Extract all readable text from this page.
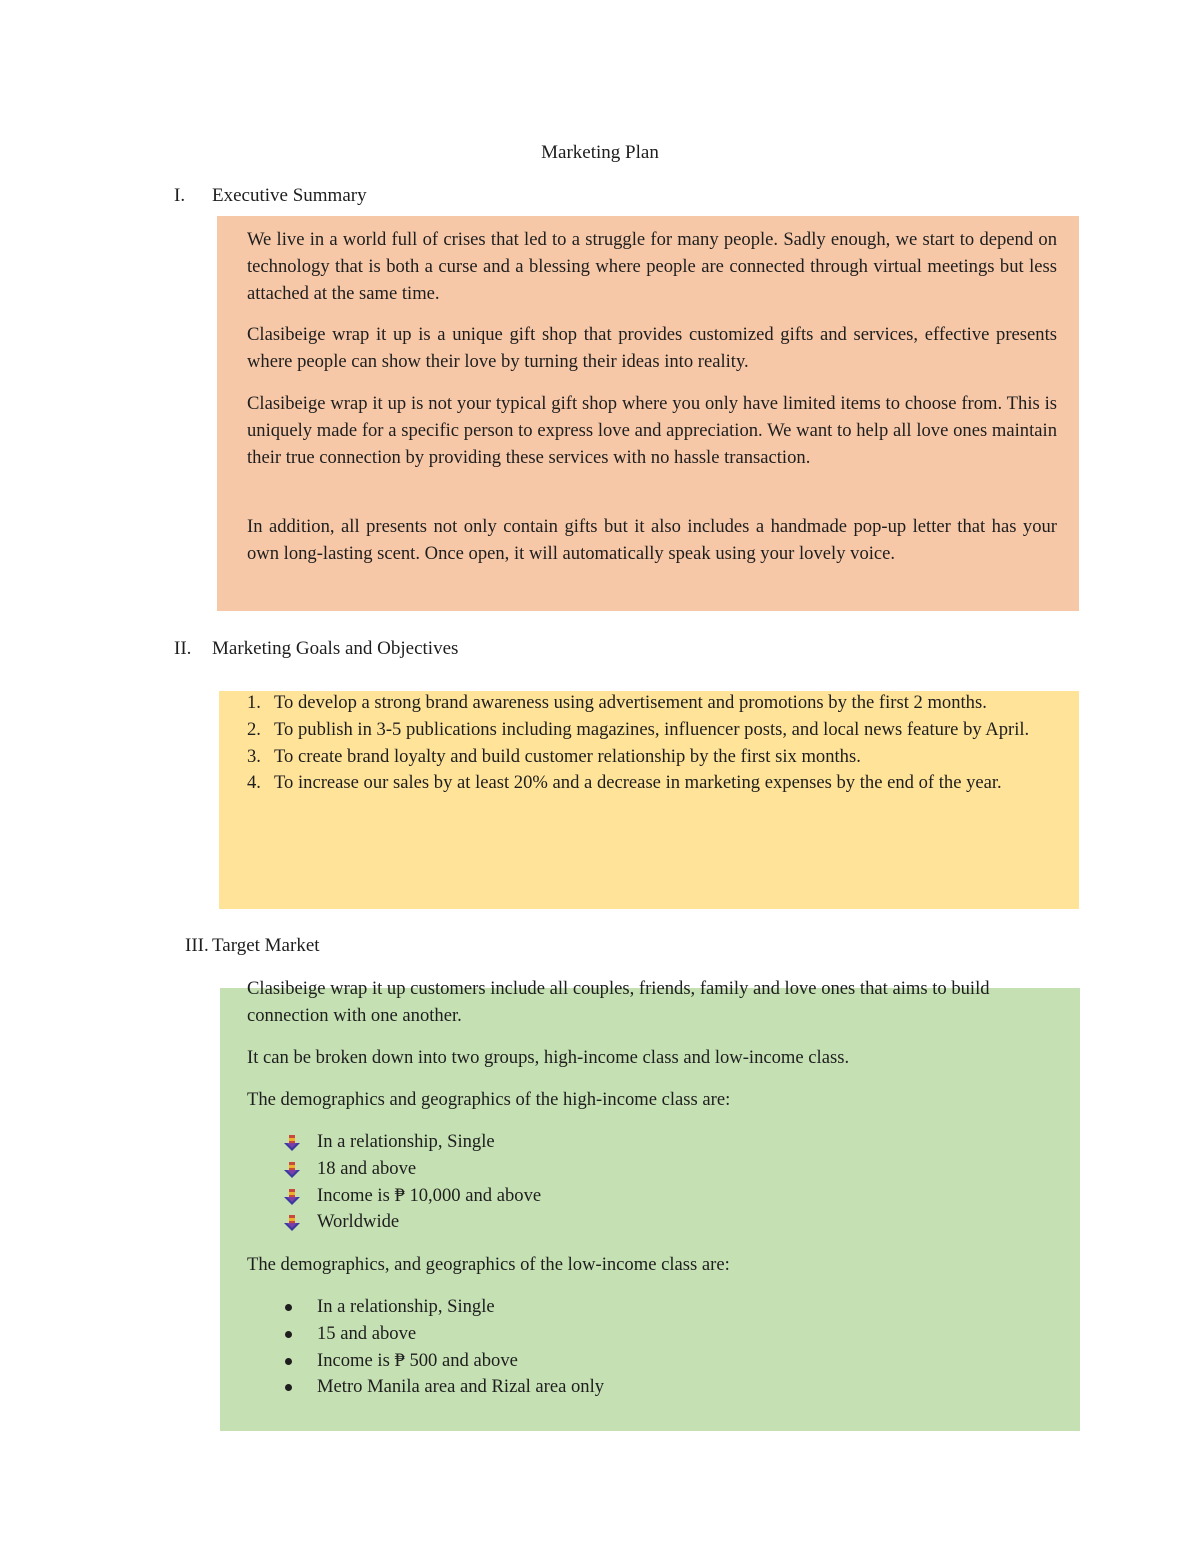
Marketing Plan
I. Executive Summary
We live in a world full of crises that led to a struggle for many people. Sadly enough, we start to depend on technology that is both a curse and a blessing where people are connected through virtual meetings but less attached at the same time.
Clasibeige wrap it up is a unique gift shop that provides customized gifts and services, effective presents where people can show their love by turning their ideas into reality.
Clasibeige wrap it up is not your typical gift shop where you only have limited items to choose from. This is uniquely made for a specific person to express love and appreciation. We want to help all love ones maintain their true connection by providing these services with no hassle transaction.
In addition, all presents not only contain gifts but it also includes a handmade pop-up letter that has your own long-lasting scent. Once open, it will automatically speak using your lovely voice.
II. Marketing Goals and Objectives
1. To develop a strong brand awareness using advertisement and promotions by the first 2 months.
2. To publish in 3-5 publications including magazines, influencer posts, and local news feature by April.
3. To create brand loyalty and build customer relationship by the first six months.
4. To increase our sales by at least 20% and a decrease in marketing expenses by the end of the year.
III. Target Market
Clasibeige wrap it up customers include all couples, friends, family and love ones that aims to build connection with one another.
It can be broken down into two groups, high-income class and low-income class.
The demographics and geographics of the high-income class are:
In a relationship, Single
18 and above
Income is ₱ 10,000 and above
Worldwide
The demographics, and geographics of the low-income class are:
In a relationship, Single
15 and above
Income is ₱ 500 and above
Metro Manila area and Rizal area only
